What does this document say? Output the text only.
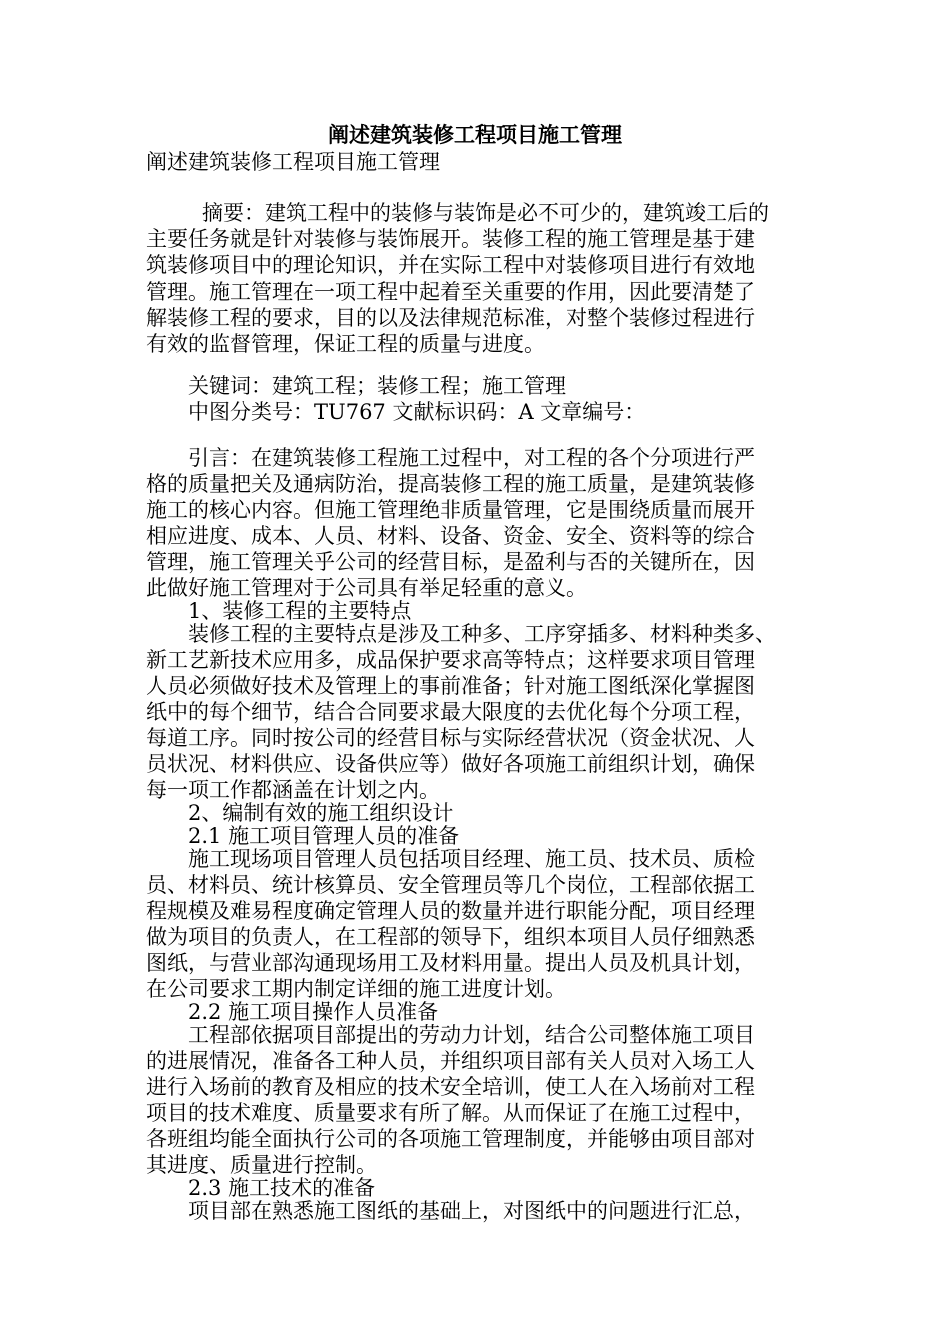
阐述建筑装修工程项目施工管理
阐述建筑装修工程项目施工管理
摘要：建筑工程中的装修与装饰是必不可少的，建筑竣工后的
主要任务就是针对装修与装饰展开。装修工程的施工管理是基于建
筑装修项目中的理论知识，并在实际工程中对装修项目进行有效地
管理。施工管理在一项工程中起着至关重要的作用，因此要清楚了
解装修工程的要求，目的以及法律规范标准，对整个装修过程进行
有效的监督管理，保证工程的质量与进度。
关键词：建筑工程；装修工程；施工管理
中图分类号：TU767 文献标识码：A 文章编号：
引言：在建筑装修工程施工过程中，对工程的各个分项进行严
格的质量把关及通病防治，提高装修工程的施工质量，是建筑装修
施工的核心内容。但施工管理绝非质量管理，它是围绕质量而展开
相应进度、成本、人员、材料、设备、资金、安全、资料等的综合
管理，施工管理关乎公司的经营目标，是盈利与否的关键所在，因
此做好施工管理对于公司具有举足轻重的意义。
1、装修工程的主要特点
装修工程的主要特点是涉及工种多、工序穿插多、材料种类多、
新工艺新技术应用多，成品保护要求高等特点；这样要求项目管理
人员必须做好技术及管理上的事前准备；针对施工图纸深化掌握图
纸中的每个细节，结合合同要求最大限度的去优化每个分项工程，
每道工序。同时按公司的经营目标与实际经营状况（资金状况、人
员状况、材料供应、设备供应等）做好各项施工前组织计划，确保
每一项工作都涵盖在计划之内。
2、编制有效的施工组织设计
2.1 施工项目管理人员的准备
施工现场项目管理人员包括项目经理、施工员、技术员、质检
员、材料员、统计核算员、安全管理员等几个岗位，工程部依据工
程规模及难易程度确定管理人员的数量并进行职能分配，项目经理
做为项目的负责人，在工程部的领导下，组织本项目人员仔细熟悉
图纸，与营业部沟通现场用工及材料用量。提出人员及机具计划，
在公司要求工期内制定详细的施工进度计划。
2.2 施工项目操作人员准备
工程部依据项目部提出的劳动力计划，结合公司整体施工项目
的进展情况，准备各工种人员，并组织项目部有关人员对入场工人
进行入场前的教育及相应的技术安全培训，使工人在入场前对工程
项目的技术难度、质量要求有所了解。从而保证了在施工过程中，
各班组均能全面执行公司的各项施工管理制度，并能够由项目部对
其进度、质量进行控制。
2.3 施工技术的准备
项目部在熟悉施工图纸的基础上，对图纸中的问题进行汇总，
